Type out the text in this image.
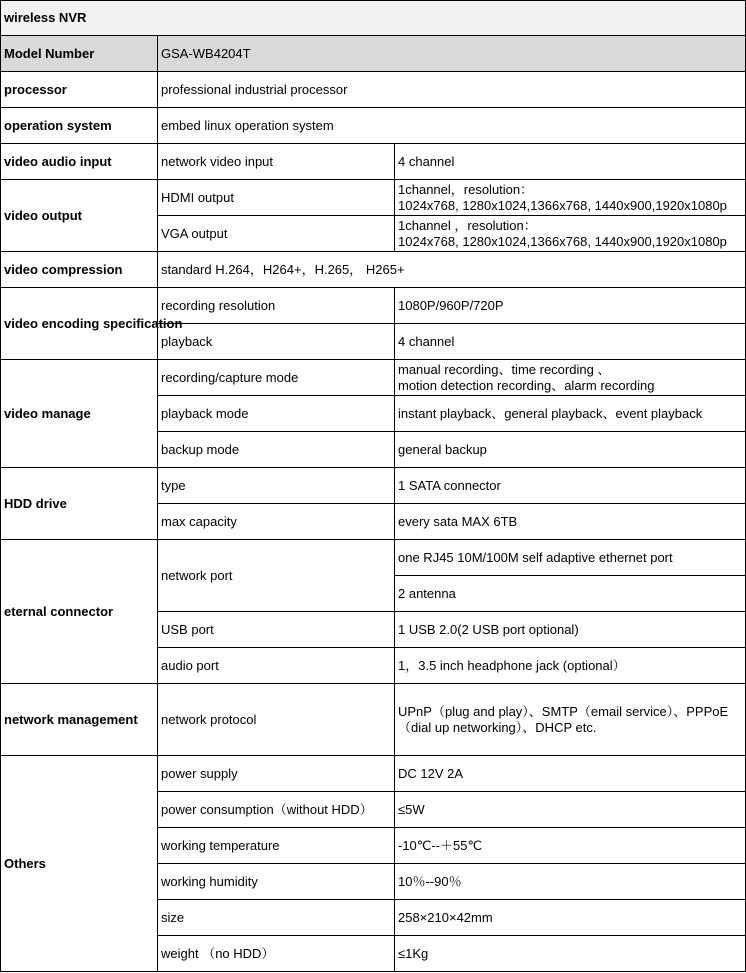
wireless NVR		
Model Number	GSA-WB4204T	
processor	professional industrial processor	
operation system	embed linux operation system	
video audio input	network video input	4 channel
video output	HDMI output	1channel，resolution：
1024x768, 1280x1024,1366x768, 1440x900,1920x1080p

	VGA output	1channel ，resolution：
1024x768, 1280x1024,1366x768, 1440x900,1920x1080p

video compression	standard H.264，H264+，H.265， H265+	
video encoding specification	recording resolution	1080P/960P/720P
	playback	4 channel
video manage	recording/capture mode	manual recording、time recording 、
motion detection recording、alarm recording

	playback mode	instant playback、general playback、event playback
	backup mode	general backup
HDD drive	type	1 SATA connector
	max capacity	every sata MAX 6TB
eternal connector	network port	one RJ45 10M/100M self adaptive ethernet port
		2 antenna
	USB port	1 USB 2.0(2 USB port optional)
	audio port	1，3.5 inch headphone jack (optional）
network management	network protocol	UPnP（plug and play）、SMTP（email service）、PPPoE
（dial up networking）、DHCP etc.

Others	power supply	DC 12V 2A
	power consumption（without HDD）	≤5W
	working temperature	-10℃--＋55℃
	working humidity	10％--90％
	size	258×210×42mm
	weight （no HDD）	≤1Kg
